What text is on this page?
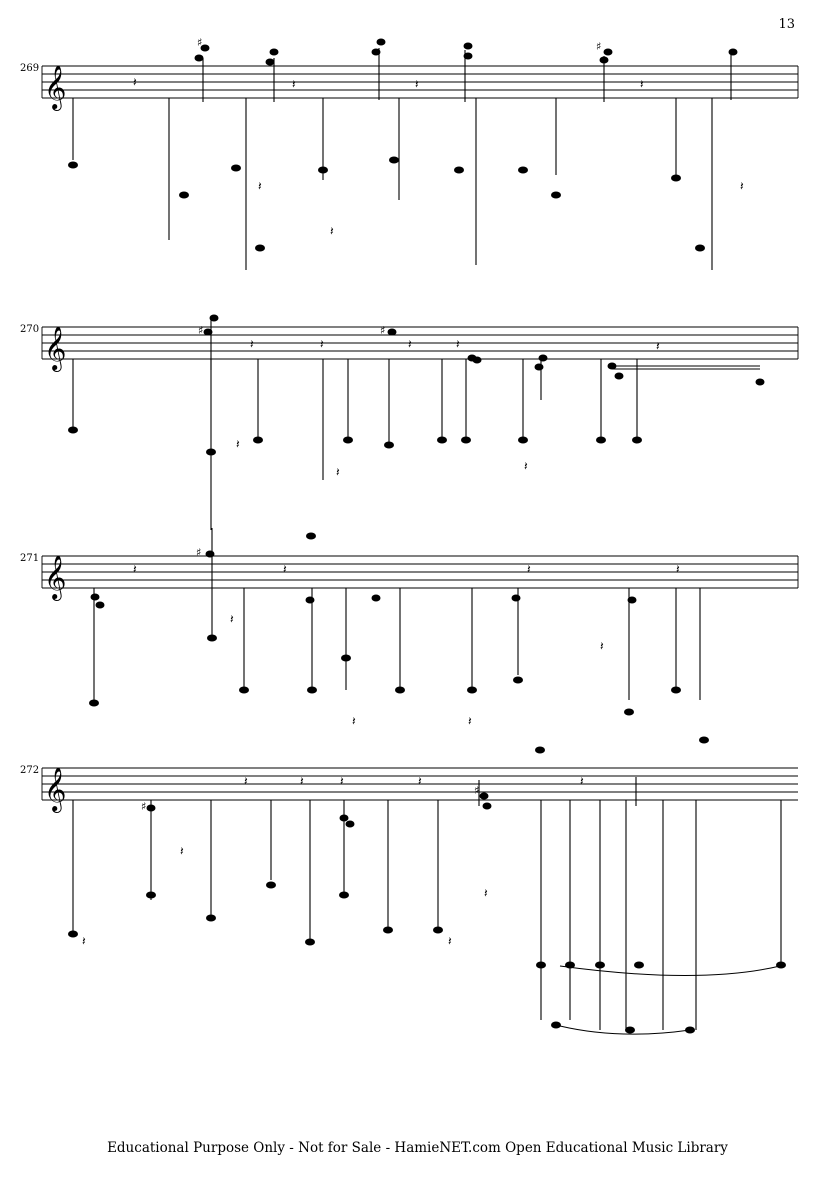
13
269 𝄞
♯	♯
𝄽	𝄽	𝄽	𝄽
𝄽
𝄽
𝄽
270 𝄞	♯	♯
𝄽	𝄽	𝄽	𝄽	𝄽
𝄽
𝄽	𝄽
271 𝄞
♯
𝄽	𝄽	𝄽	𝄽
𝄽
𝄽	𝄽
𝄽
272 𝄞	♯
♯
𝄽	𝄽	𝄽	𝄽	𝄽
𝄽
𝄽
𝄽
𝄽
Educational Purpose Only - Not for Sale - HamieNET.com Open Educational Music Library
